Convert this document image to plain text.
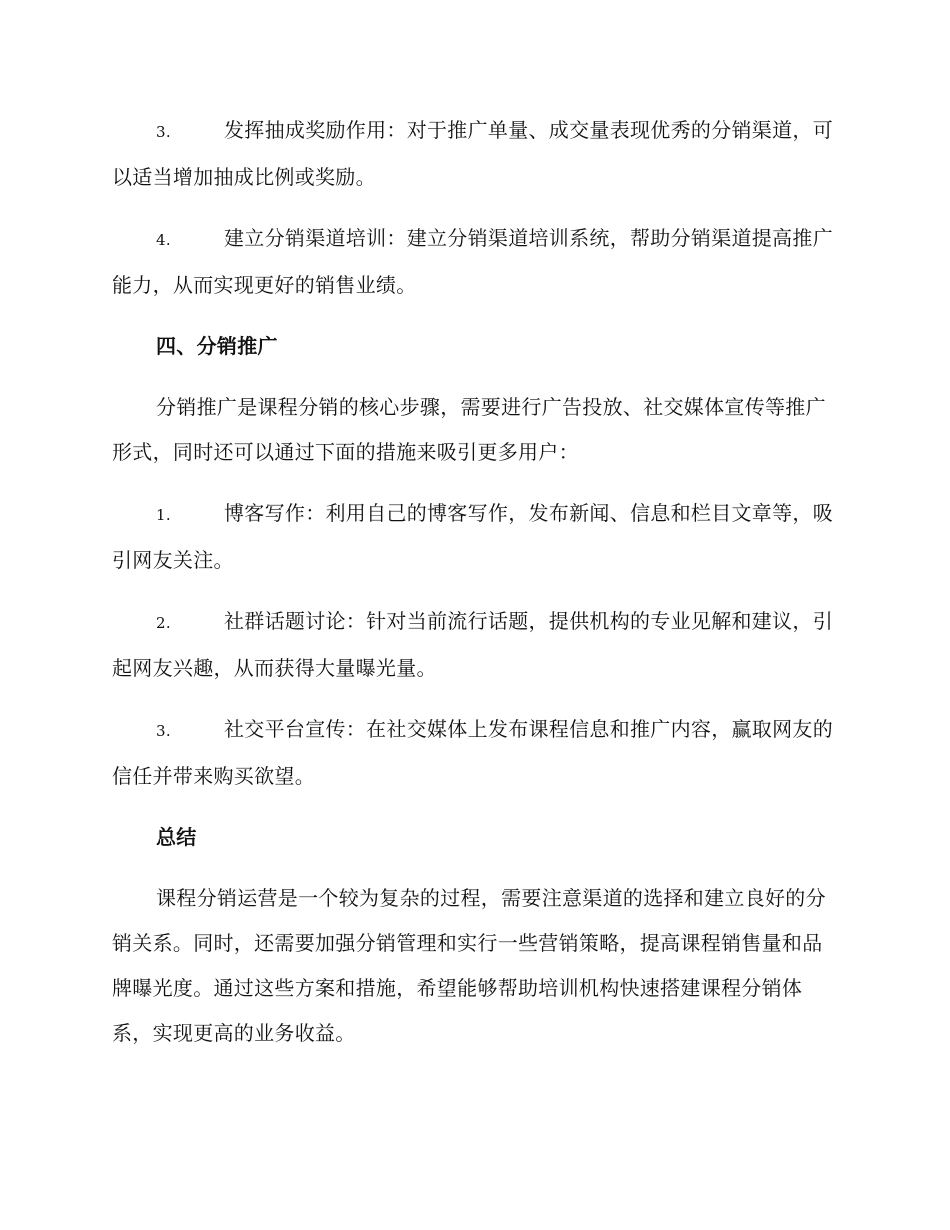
3.	发挥抽成奖励作用：对于推广单量、成交量表现优秀的分销渠道，可以适当增加抽成比例或奖励。

4.	建立分销渠道培训：建立分销渠道培训系统，帮助分销渠道提高推广能力，从而实现更好的销售业绩。

四、分销推广

分销推广是课程分销的核心步骤，需要进行广告投放、社交媒体宣传等推广形式，同时还可以通过下面的措施来吸引更多用户：

1.	博客写作：利用自己的博客写作，发布新闻、信息和栏目文章等，吸引网友关注。

2.	社群话题讨论：针对当前流行话题，提供机构的专业见解和建议，引起网友兴趣，从而获得大量曝光量。

3.	社交平台宣传：在社交媒体上发布课程信息和推广内容，赢取网友的信任并带来购买欲望。

总结

课程分销运营是一个较为复杂的过程，需要注意渠道的选择和建立良好的分销关系。同时，还需要加强分销管理和实行一些营销策略，提高课程销售量和品牌曝光度。通过这些方案和措施，希望能够帮助培训机构快速搭建课程分销体系，实现更高的业务收益。
